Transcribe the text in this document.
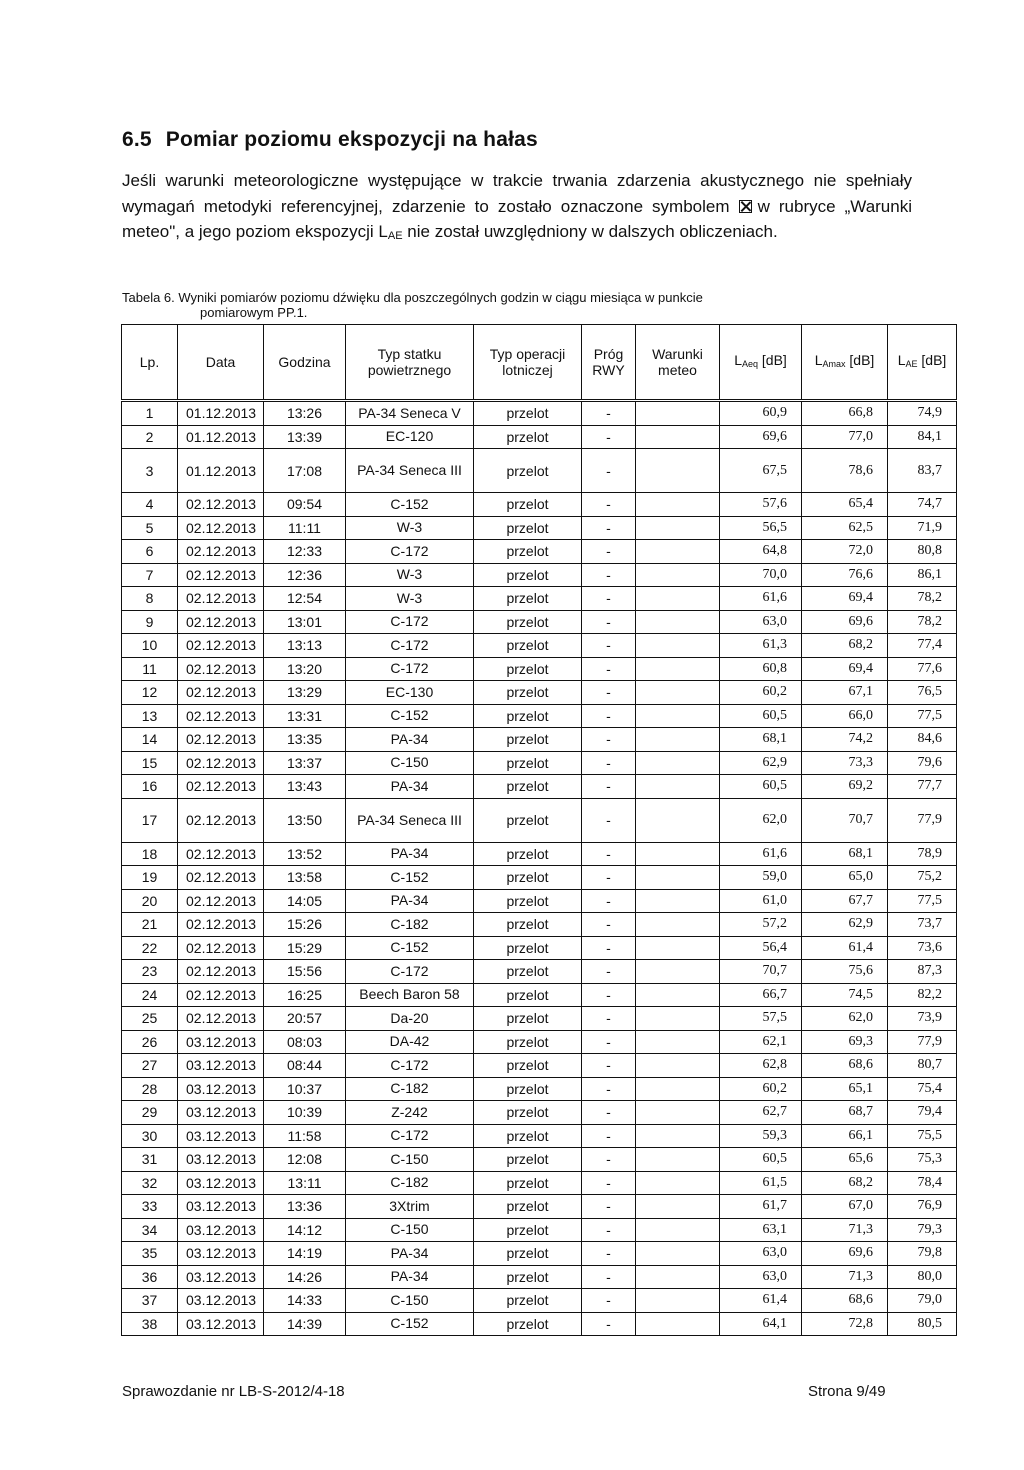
6.5 Pomiar poziomu ekspozycji na hałas
Jeśli warunki meteorologiczne występujące w trakcie trwania zdarzenia akustycznego nie spełniały wymagań metodyki referencyjnej, zdarzenie to zostało oznaczone symbolem ☒ w rubryce „Warunki meteo", a jego poziom ekspozycji LAE nie został uwzględniony w dalszych obliczeniach.
Tabela 6. Wyniki pomiarów poziomu dźwięku dla poszczególnych godzin w ciągu miesiąca w punkcie
pomiarowym PP.1.
Lp.	Data	Godzina	Typ statku powietrznego	Typ operacji lotniczej	Próg RWY	Warunki meteo	LAeq [dB]	LAmax [dB]	LAE [dB]
1	01.12.2013	13:26	PA-34 Seneca V	przelot	-		60,9	66,8	74,9
2	01.12.2013	13:39	EC-120	przelot	-		69,6	77,0	84,1
3	01.12.2013	17:08	PA-34 Seneca III	przelot	-		67,5	78,6	83,7
4	02.12.2013	09:54	C-152	przelot	-		57,6	65,4	74,7
5	02.12.2013	11:11	W-3	przelot	-		56,5	62,5	71,9
6	02.12.2013	12:33	C-172	przelot	-		64,8	72,0	80,8
7	02.12.2013	12:36	W-3	przelot	-		70,0	76,6	86,1
8	02.12.2013	12:54	W-3	przelot	-		61,6	69,4	78,2
9	02.12.2013	13:01	C-172	przelot	-		63,0	69,6	78,2
10	02.12.2013	13:13	C-172	przelot	-		61,3	68,2	77,4
11	02.12.2013	13:20	C-172	przelot	-		60,8	69,4	77,6
12	02.12.2013	13:29	EC-130	przelot	-		60,2	67,1	76,5
13	02.12.2013	13:31	C-152	przelot	-		60,5	66,0	77,5
14	02.12.2013	13:35	PA-34	przelot	-		68,1	74,2	84,6
15	02.12.2013	13:37	C-150	przelot	-		62,9	73,3	79,6
16	02.12.2013	13:43	PA-34	przelot	-		60,5	69,2	77,7
17	02.12.2013	13:50	PA-34 Seneca III	przelot	-		62,0	70,7	77,9
18	02.12.2013	13:52	PA-34	przelot	-		61,6	68,1	78,9
19	02.12.2013	13:58	C-152	przelot	-		59,0	65,0	75,2
20	02.12.2013	14:05	PA-34	przelot	-		61,0	67,7	77,5
21	02.12.2013	15:26	C-182	przelot	-		57,2	62,9	73,7
22	02.12.2013	15:29	C-152	przelot	-		56,4	61,4	73,6
23	02.12.2013	15:56	C-172	przelot	-		70,7	75,6	87,3
24	02.12.2013	16:25	Beech Baron 58	przelot	-		66,7	74,5	82,2
25	02.12.2013	20:57	Da-20	przelot	-		57,5	62,0	73,9
26	03.12.2013	08:03	DA-42	przelot	-		62,1	69,3	77,9
27	03.12.2013	08:44	C-172	przelot	-		62,8	68,6	80,7
28	03.12.2013	10:37	C-182	przelot	-		60,2	65,1	75,4
29	03.12.2013	10:39	Z-242	przelot	-		62,7	68,7	79,4
30	03.12.2013	11:58	C-172	przelot	-		59,3	66,1	75,5
31	03.12.2013	12:08	C-150	przelot	-		60,5	65,6	75,3
32	03.12.2013	13:11	C-182	przelot	-		61,5	68,2	78,4
33	03.12.2013	13:36	3Xtrim	przelot	-		61,7	67,0	76,9
34	03.12.2013	14:12	C-150	przelot	-		63,1	71,3	79,3
35	03.12.2013	14:19	PA-34	przelot	-		63,0	69,6	79,8
36	03.12.2013	14:26	PA-34	przelot	-		63,0	71,3	80,0
37	03.12.2013	14:33	C-150	przelot	-		61,4	68,6	79,0
38	03.12.2013	14:39	C-152	przelot	-		64,1	72,8	80,5
Sprawozdanie nr LB-S-2012/4-18	Strona 9/49
